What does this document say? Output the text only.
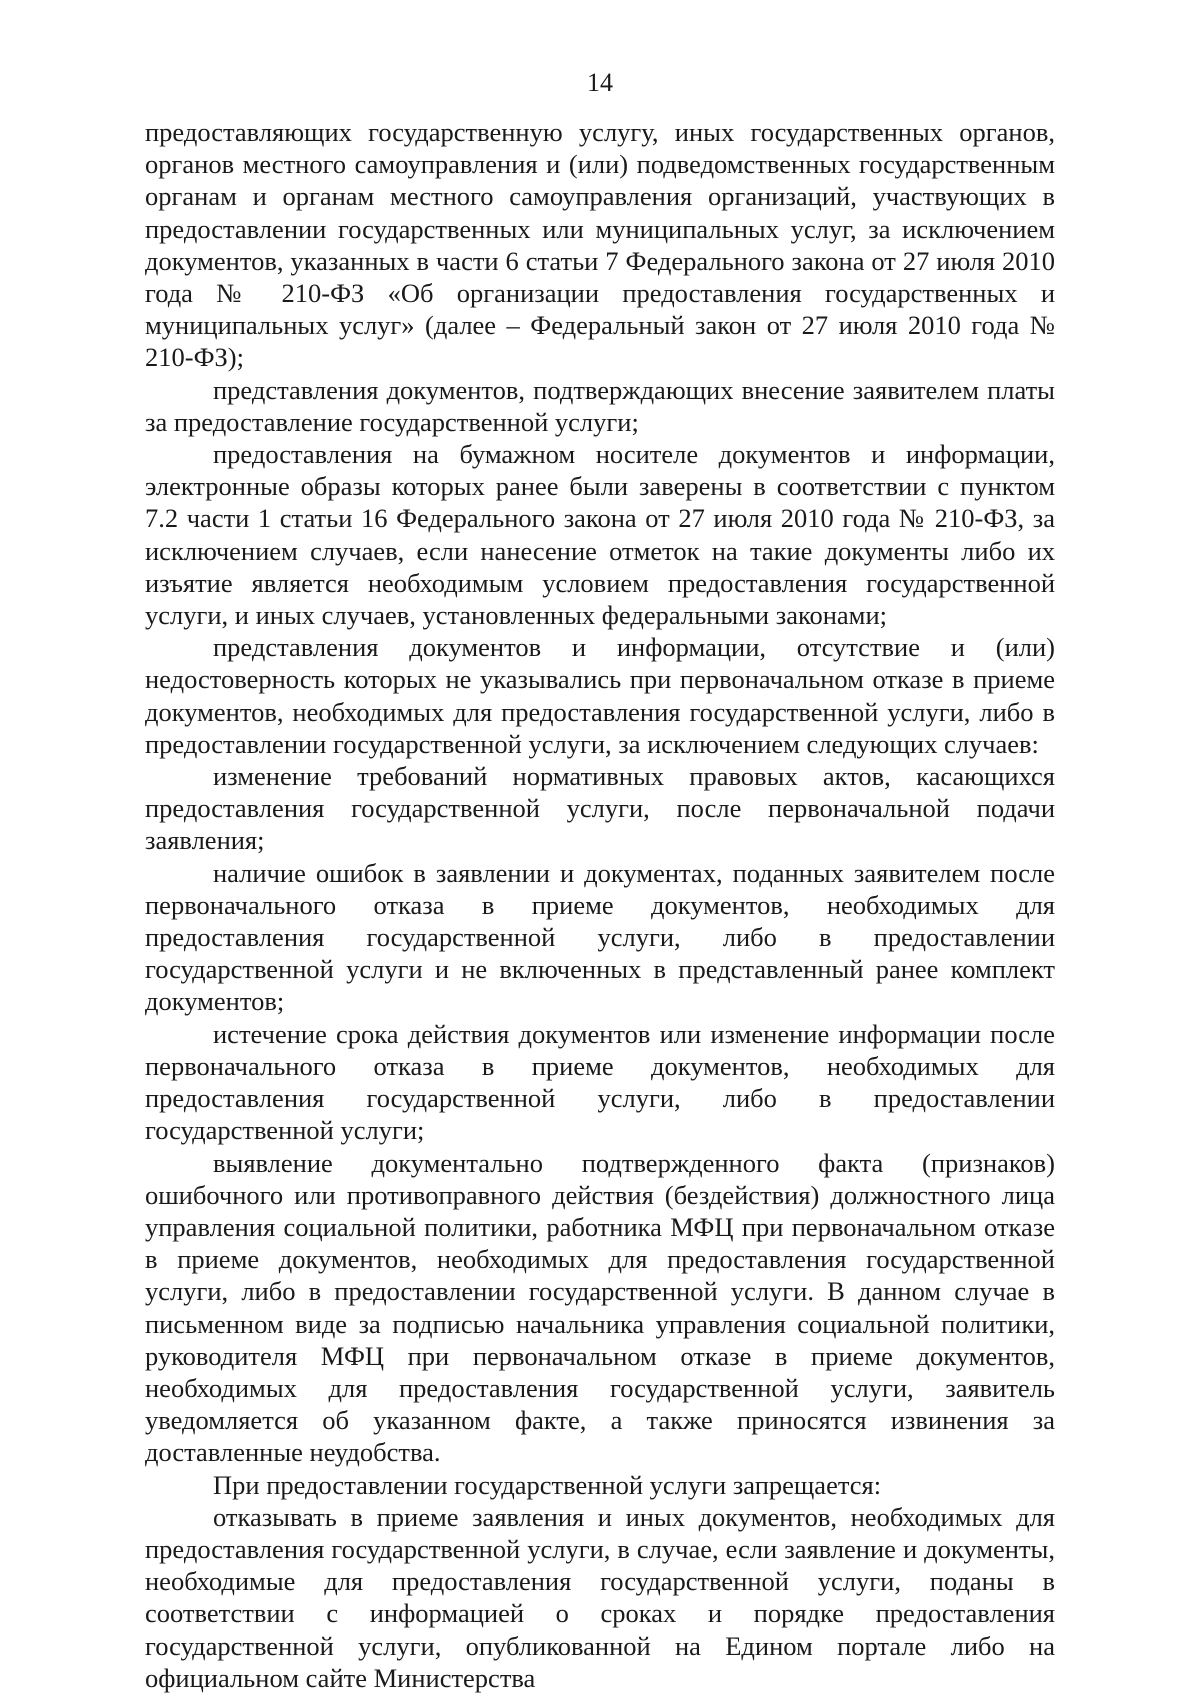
14

предоставляющих государственную услугу, иных государственных органов, органов местного самоуправления и (или) подведомственных государственным органам и органам местного самоуправления организаций, участвующих в предоставлении государственных или муниципальных услуг, за исключением документов, указанных в части 6 статьи 7 Федерального закона от 27 июля 2010 года № 210-ФЗ «Об организации предоставления государственных и муниципальных услуг» (далее – Федеральный закон от 27 июля 2010 года № 210-ФЗ);

представления документов, подтверждающих внесение заявителем платы за предоставление государственной услуги;

предоставления на бумажном носителе документов и информации, электронные образы которых ранее были заверены в соответствии с пунктом 7.2 части 1 статьи 16 Федерального закона от 27 июля 2010 года № 210-ФЗ, за исключением случаев, если нанесение отметок на такие документы либо их изъятие является необходимым условием предоставления государственной услуги, и иных случаев, установленных федеральными законами;

представления документов и информации, отсутствие и (или) недостоверность которых не указывались при первоначальном отказе в приеме документов, необходимых для предоставления государственной услуги, либо в предоставлении государственной услуги, за исключением следующих случаев:

изменение требований нормативных правовых актов, касающихся предоставления государственной услуги, после первоначальной подачи заявления;

наличие ошибок в заявлении и документах, поданных заявителем после первоначального отказа в приеме документов, необходимых для предоставления государственной услуги, либо в предоставлении государственной услуги и не включенных в представленный ранее комплект документов;

истечение срока действия документов или изменение информации после первоначального отказа в приеме документов, необходимых для предоставления государственной услуги, либо в предоставлении государственной услуги;

выявление документально подтвержденного факта (признаков) ошибочного или противоправного действия (бездействия) должностного лица управления социальной политики, работника МФЦ при первоначальном отказе в приеме документов, необходимых для предоставления государственной услуги, либо в предоставлении государственной услуги. В данном случае в письменном виде за подписью начальника управления социальной политики, руководителя МФЦ при первоначальном отказе в приеме документов, необходимых для предоставления государственной услуги, заявитель уведомляется об указанном факте, а также приносятся извинения за доставленные неудобства.

При предоставлении государственной услуги запрещается:

отказывать в приеме заявления и иных документов, необходимых для предоставления государственной услуги, в случае, если заявление и документы, необходимые для предоставления государственной услуги, поданы в соответствии с информацией о сроках и порядке предоставления государственной услуги, опубликованной на Едином портале либо на официальном сайте Министерства
